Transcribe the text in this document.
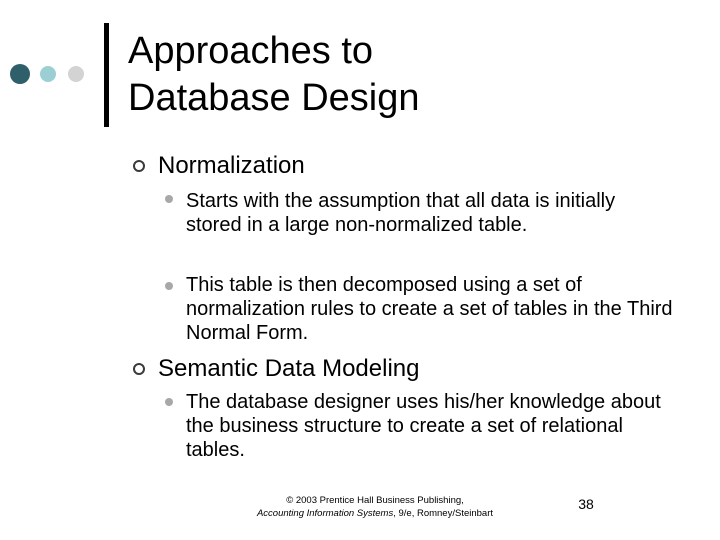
Approaches to
Database Design
Normalization
Starts with the assumption that all data is initially stored in a large non-normalized table.
This table is then decomposed using a set of normalization rules to create a set of tables in the Third Normal Form.
Semantic Data Modeling
The database designer uses his/her knowledge about the business structure to create a set of relational tables.
© 2003 Prentice Hall Business Publishing,
Accounting Information Systems, 9/e, Romney/Steinbart
38
